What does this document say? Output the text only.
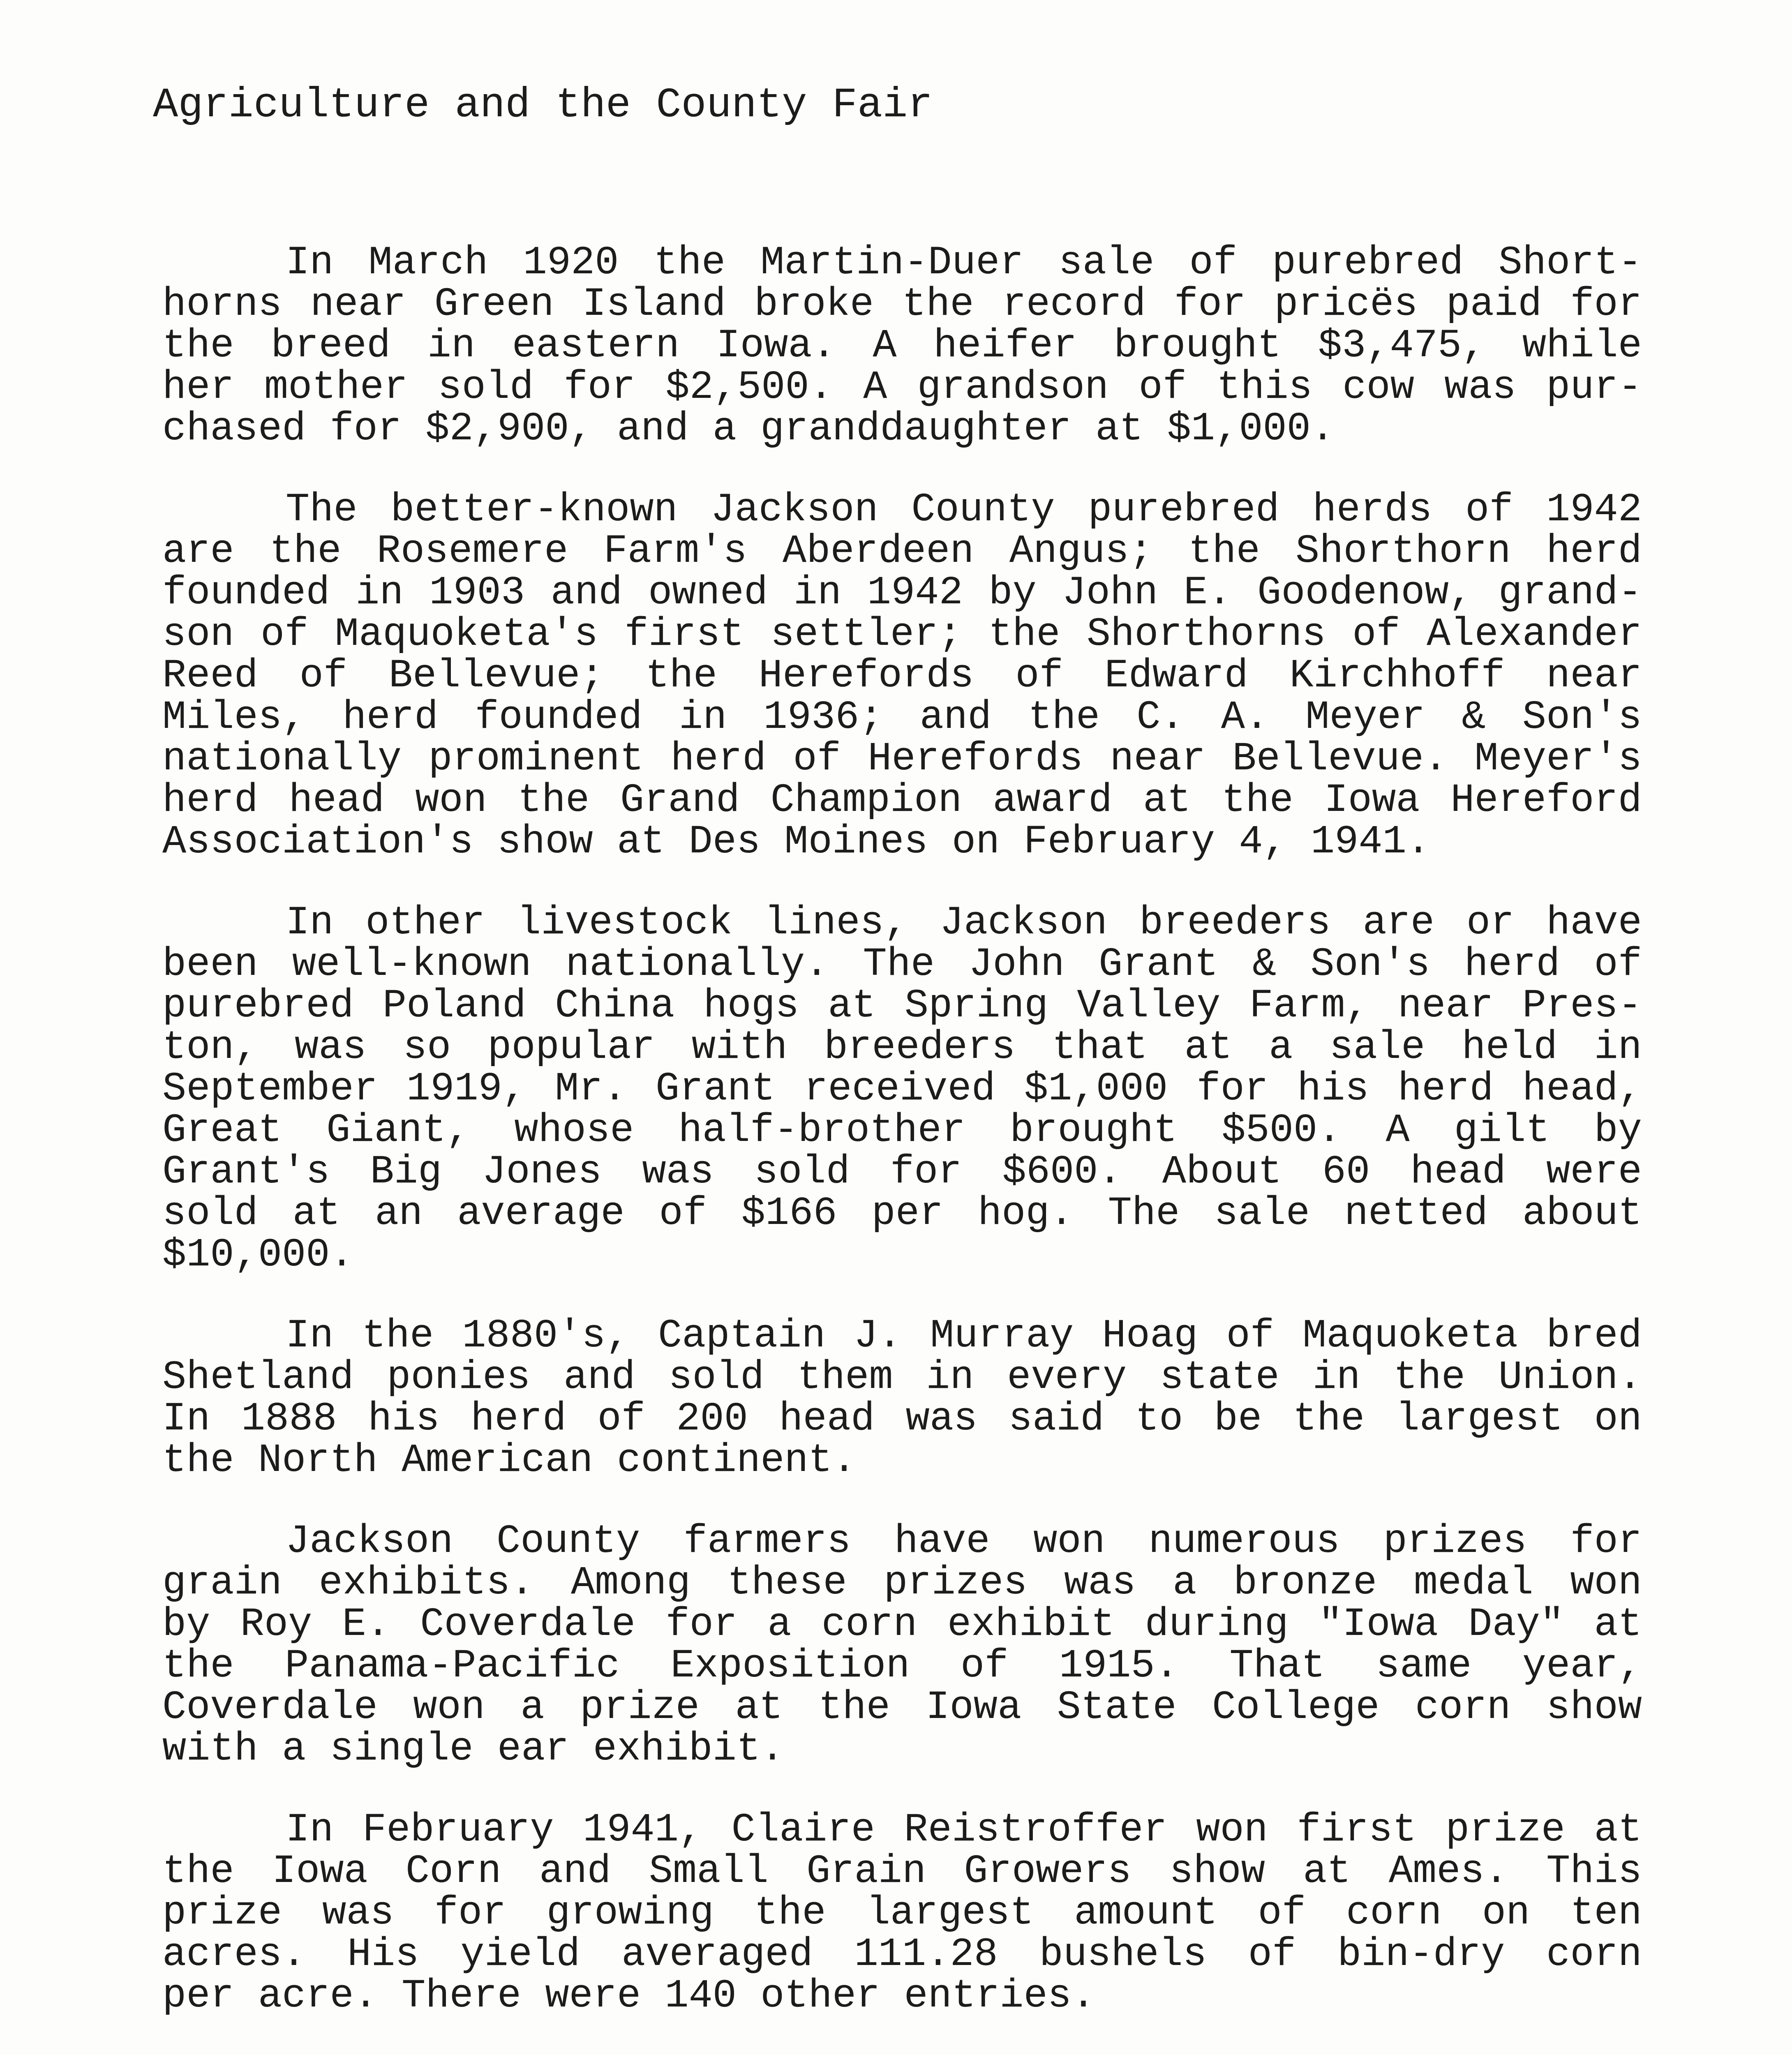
Agriculture and the County Fair
In March 1920 the Martin-Duer sale of purebred Short-
horns near Green Island broke the record for pricës paid for
the breed in eastern Iowa. A heifer brought $3,475, while
her mother sold for $2,500. A grandson of this cow was pur-
chased for $2,900, and a granddaughter at $1,000.
The better-known Jackson County purebred herds of 1942
are the Rosemere Farm's Aberdeen Angus; the Shorthorn herd
founded in 1903 and owned in 1942 by John E. Goodenow, grand-
son of Maquoketa's first settler; the Shorthorns of Alexander
Reed of Bellevue; the Herefords of Edward Kirchhoff near
Miles, herd founded in 1936; and the C. A. Meyer & Son's
nationally prominent herd of Herefords near Bellevue. Meyer's
herd head won the Grand Champion award at the Iowa Hereford
Association's show at Des Moines on February 4, 1941.
In other livestock lines, Jackson breeders are or have
been well-known nationally. The John Grant & Son's herd of
purebred Poland China hogs at Spring Valley Farm, near Pres-
ton, was so popular with breeders that at a sale held in
September 1919, Mr. Grant received $1,000 for his herd head,
Great Giant, whose half-brother brought $500. A gilt by
Grant's Big Jones was sold for $600. About 60 head were
sold at an average of $166 per hog. The sale netted about
$10,000.
In the 1880's, Captain J. Murray Hoag of Maquoketa bred
Shetland ponies and sold them in every state in the Union.
In 1888 his herd of 200 head was said to be the largest on
the North American continent.
Jackson County farmers have won numerous prizes for
grain exhibits. Among these prizes was a bronze medal won
by Roy E. Coverdale for a corn exhibit during "Iowa Day" at
the Panama-Pacific Exposition of 1915. That same year,
Coverdale won a prize at the Iowa State College corn show
with a single ear exhibit.
In February 1941, Claire Reistroffer won first prize at
the Iowa Corn and Small Grain Growers show at Ames. This
prize was for growing the largest amount of corn on ten
acres. His yield averaged 111.28 bushels of bin-dry corn
per acre. There were 140 other entries.
